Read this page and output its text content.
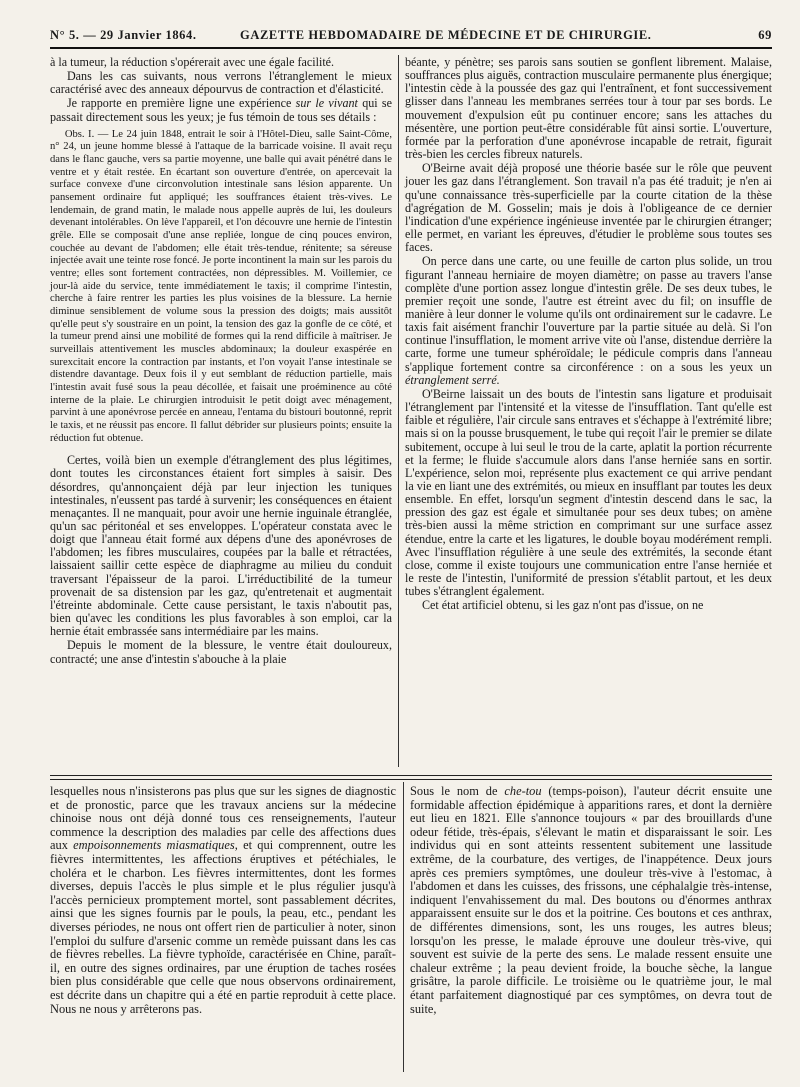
N° 5. — 29 Janvier 1864.	GAZETTE HEBDOMADAIRE DE MÉDECINE ET DE CHIRURGIE.	69

à la tumeur, la réduction s'opérerait avec une égale facilité.

Dans les cas suivants, nous verrons l'étranglement le mieux caractérisé avec des anneaux dépourvus de contraction et d'élasticité.

Je rapporte en première ligne une expérience sur le vivant qui se passait directement sous les yeux; je fus témoin de tous ses détails :

Obs. I. — Le 24 juin 1848, entrait le soir à l'Hôtel-Dieu, salle Saint-Côme, n° 24, un jeune homme blessé à l'attaque de la barricade voisine. Il avait reçu dans le flanc gauche, vers sa partie moyenne, une balle qui avait pénétré dans le ventre et y était restée. En écartant son ouverture d'entrée, on apercevait la surface convexe d'une circonvolution intestinale sans lésion apparente. Un pansement ordinaire fut appliqué; les souffrances étaient très-vives. Le lendemain, de grand matin, le malade nous appelle auprès de lui, les douleurs devenant intolérables. On lève l'appareil, et l'on découvre une hernie de l'intestin grêle. Elle se composait d'une anse repliée, longue de cinq pouces environ, couchée au devant de l'abdomen; elle était très-tendue, rénitente; sa séreuse injectée avait une teinte rose foncé. Je porte incontinent la main sur les parois du ventre; elles sont fortement contractées, non dépressibles. M. Voillemier, ce jour-là aide du service, tente immédiatement le taxis; il comprime l'intestin, cherche à faire rentrer les parties les plus voisines de la blessure. La hernie diminue sensiblement de volume sous la pression des doigts; mais aussitôt qu'elle peut s'y soustraire en un point, la tension des gaz la gonfle de ce côté, et la tumeur prend ainsi une mobilité de formes qui la rend difficile à maîtriser. Je surveillais attentivement les muscles abdominaux; la douleur exaspérée en surexcitait encore la contraction par instants, et l'on voyait l'anse intestinale se distendre davantage. Deux fois il y eut semblant de réduction partielle, mais l'intestin avait fusé sous la peau décollée, et faisait une proéminence au côté interne de la plaie. Le chirurgien introduisit le petit doigt avec ménagement, parvint à une aponévrose percée en anneau, l'entama du bistouri boutonné, reprit le taxis, et ne réussit pas encore. Il fallut débrider sur plusieurs points; ensuite la réduction fut obtenue.

Certes, voilà bien un exemple d'étranglement des plus légitimes, dont toutes les circonstances étaient fort simples à saisir. Des désordres, qu'annonçaient déjà par leur injection les tuniques intestinales, n'eussent pas tardé à survenir; les conséquences en étaient menaçantes. Il ne manquait, pour avoir une hernie inguinale étranglée, qu'un sac péritonéal et ses enveloppes. L'opérateur constata avec le doigt que l'anneau était formé aux dépens d'une des aponévroses de l'abdomen; les fibres musculaires, coupées par la balle et rétractées, laissaient saillir cette espèce de diaphragme au milieu du conduit traversant l'épaisseur de la paroi. L'irréductibilité de la tumeur provenait de sa distension par les gaz, qu'entretenait et augmentait l'étreinte abdominale. Cette cause persistant, le taxis n'aboutit pas, bien qu'avec les conditions les plus favorables à son emploi, car la hernie était embrassée sans intermédiaire par les mains.

Depuis le moment de la blessure, le ventre était douloureux, contracté; une anse d'intestin s'abouche à la plaie

béante, y pénètre; ses parois sans soutien se gonflent librement. Malaise, souffrances plus aiguës, contraction musculaire permanente plus énergique; l'intestin cède à la poussée des gaz qui l'entraînent, et font successivement glisser dans l'anneau les membranes serrées tour à tour par ses bords. Le mouvement d'expulsion eût pu continuer encore; sans les attaches du mésentère, une portion peut-être considérable fût ainsi sortie. L'ouverture, formée par la perforation d'une aponévrose incapable de retrait, figurait très-bien les cercles fibreux naturels.

O'Beirne avait déjà proposé une théorie basée sur le rôle que peuvent jouer les gaz dans l'étranglement. Son travail n'a pas été traduit; je n'en ai qu'une connaissance très-superficielle par la courte citation de la thèse d'agrégation de M. Gosselin; mais je dois à l'obligeance de ce dernier l'indication d'une expérience ingénieuse inventée par le chirurgien étranger; elle permet, en variant les épreuves, d'étudier le problème sous toutes ses faces.

On perce dans une carte, ou une feuille de carton plus solide, un trou figurant l'anneau herniaire de moyen diamètre; on passe au travers l'anse complète d'une portion assez longue d'intestin grêle. De ses deux tubes, le premier reçoit une sonde, l'autre est étreint avec du fil; on insuffle de manière à leur donner le volume qu'ils ont ordinairement sur le cadavre. Le taxis fait aisément franchir l'ouverture par la partie située au delà. Si l'on continue l'insufflation, le moment arrive vite où l'anse, distendue derrière la carte, forme une tumeur sphéroïdale; le pédicule compris dans l'anneau s'applique fortement contre sa circonférence : on a sous les yeux un étranglement serré.

O'Beirne laissait un des bouts de l'intestin sans ligature et produisait l'étranglement par l'intensité et la vitesse de l'insufflation. Tant qu'elle est faible et régulière, l'air circule sans entraves et s'échappe à l'extrémité libre; mais si on la pousse brusquement, le tube qui reçoit l'air le premier se dilate subitement, occupe à lui seul le trou de la carte, aplatit la portion récurrente et la ferme; le fluide s'accumule alors dans l'anse herniée sans en sortir. L'expérience, selon moi, représente plus exactement ce qui arrive pendant la vie en liant une des extrémités, ou mieux en insufflant par toutes les deux ensemble. En effet, lorsqu'un segment d'intestin descend dans le sac, la pression des gaz est égale et simultanée pour ses deux tubes; on amène très-bien aussi la même striction en comprimant sur une surface assez étendue, entre la carte et les ligatures, le double boyau modérément rempli. Avec l'insufflation régulière à une seule des extrémités, la seconde étant close, comme il existe toujours une communication entre l'anse herniée et le reste de l'intestin, l'uniformité de pression s'établit partout, et les deux tubes s'étranglent également.

Cet état artificiel obtenu, si les gaz n'ont pas d'issue, on ne

lesquelles nous n'insisterons pas plus que sur les signes de diagnostic et de pronostic, parce que les travaux anciens sur la médecine chinoise nous ont déjà donné tous ces renseignements, l'auteur commence la description des maladies par celle des affections dues aux empoisonnements miasmatiques, et qui comprennent, outre les fièvres intermittentes, les affections éruptives et pétéchiales, le choléra et le charbon. Les fièvres intermittentes, dont les formes diverses, depuis l'accès le plus simple et le plus régulier jusqu'à l'accès pernicieux promptement mortel, sont passablement décrites, ainsi que les signes fournis par le pouls, la peau, etc., pendant les diverses périodes, ne nous ont offert rien de particulier à noter, sinon l'emploi du sulfure d'arsenic comme un remède puissant dans les cas de fièvres rebelles. La fièvre typhoïde, caractérisée en Chine, paraît-il, en outre des signes ordinaires, par une éruption de taches rosées bien plus considérable que celle que nous observons ordinairement, est décrite dans un chapitre qui a été en partie reproduit à cette place. Nous ne nous y arrêterons pas.

Sous le nom de che-tou (temps-poison), l'auteur décrit ensuite une formidable affection épidémique à apparitions rares, et dont la dernière eut lieu en 1821. Elle s'annonce toujours « par des brouillards d'une odeur fétide, très-épais, s'élevant le matin et disparaissant le soir. Les individus qui en sont atteints ressentent subitement une lassitude extrême, de la courbature, des vertiges, de l'inappétence. Deux jours après ces premiers symptômes, une douleur très-vive à l'estomac, à l'abdomen et dans les cuisses, des frissons, une céphalalgie très-intense, indiquent l'envahissement du mal. Des boutons ou d'énormes anthrax apparaissent ensuite sur le dos et la poitrine. Ces boutons et ces anthrax, de différentes dimensions, sont, les uns rouges, les autres bleus; lorsqu'on les presse, le malade éprouve une douleur très-vive, qui souvent est suivie de la perte des sens. Le malade ressent ensuite une chaleur extrême ; la peau devient froide, la bouche sèche, la langue grisâtre, la parole difficile. Le troisième ou le quatrième jour, le mal étant parfaitement diagnostiqué par ces symptômes, on devra tout de suite,
